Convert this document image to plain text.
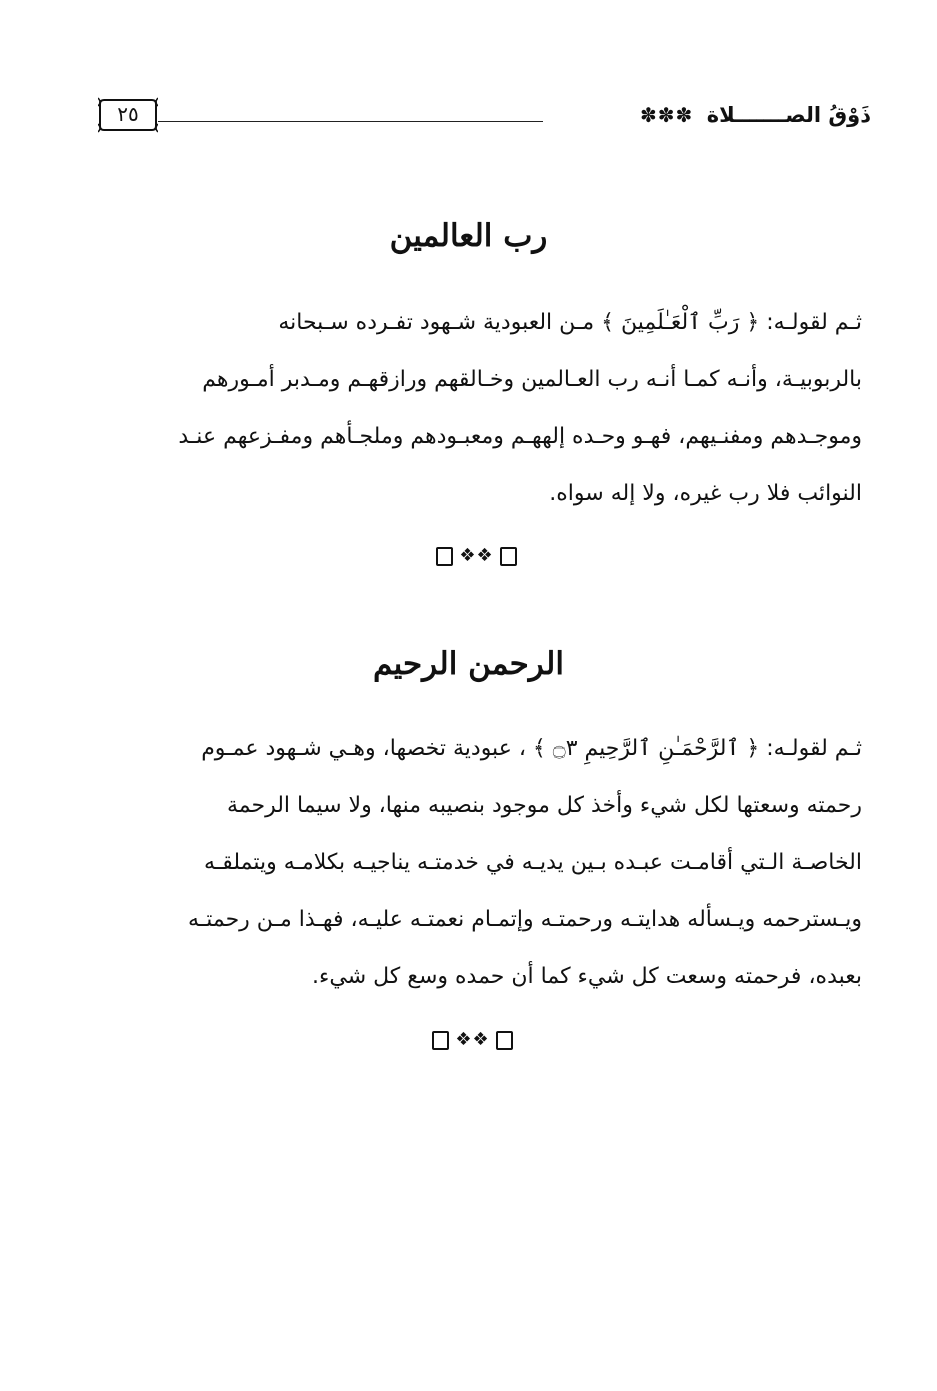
ذَوْقُ الصـــــــلاة
✽✽✽
٢٥
رب العالمين
ثـم لقولـه: ﴿ رَبِّ ٱلْعَـٰلَمِينَ ﴾ مـن العبودية شـهود تفـرده سـبحانه
بالربوبيـة، وأنـه كمـا أنـه رب العـالمين وخـالقهم ورازقهـم ومـدبر أمـورهم
وموجـدهم ومفنـيهم، فهـو وحـده إلههـم ومعبـودهم وملجـأهم ومفـزعهم عنـد
النوائب فلا رب غيره، ولا إله سواه.
❖❖
الرحمن الرحيم
ثـم لقولـه: ﴿ ٱلرَّحْمَـٰنِ ٱلرَّحِيمِ ۝٣ ﴾ ، عبودية تخصها، وهـي شـهود عمـوم
رحمته وسعتها لكل شيء وأخذ كل موجود بنصيبه منها، ولا سيما الرحمة
الخاصـة الـتي أقامـت عبـده بـين يديـه في خدمتـه يناجيـه بكلامـه ويتملقـه
ويـسترحمه ويـسأله هدايتـه ورحمتـه وإتمـام نعمتـه عليـه، فهـذا مـن رحمتـه
بعبده، فرحمته وسعت كل شيء كما أن حمده وسع كل شيء.
❖❖
